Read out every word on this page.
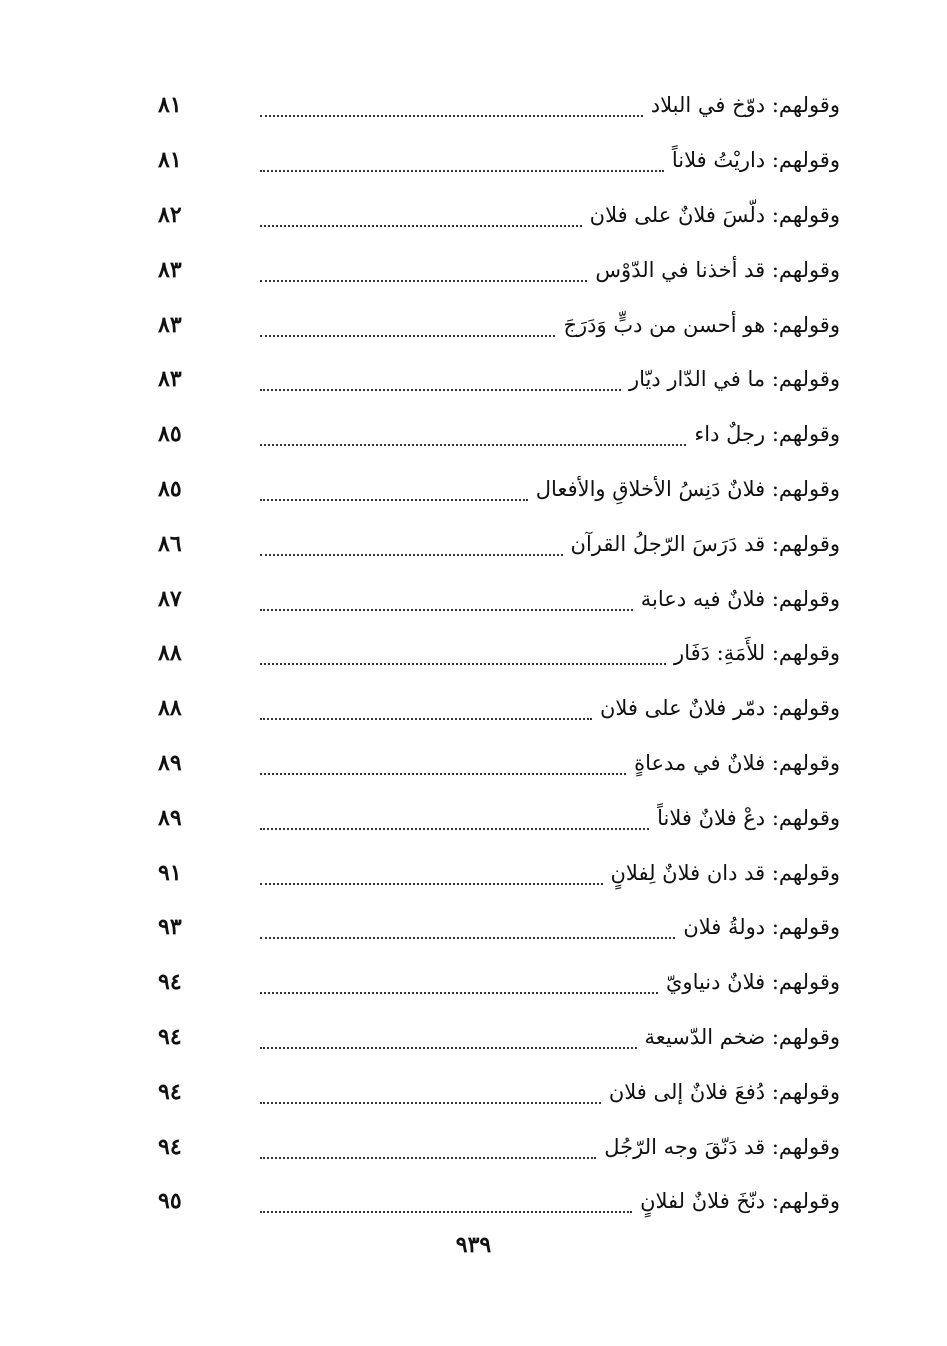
٨١	وقولهم: دوّخ في البلاد
٨١	وقولهم: داريْتُ فلاناً
٨٢	وقولهم: دلّسَ فلانٌ على فلان
٨٣	وقولهم: قد أخذنا في الدّوْس
٨٣	وقولهم: هو أحسن من دبٍّ وَدَرَجَ
٨٣	وقولهم: ما في الدّار ديّار
٨٥	وقولهم: رجلٌ داء
٨٥	وقولهم: فلانٌ دَنِسُ الأخلاقِ والأفعال
٨٦	وقولهم: قد دَرَسَ الرّجلُ القرآن
٨٧	وقولهم: فلانٌ فيه دعابة
٨٨	وقولهم: للأَمَةِ: دَفَار
٨٨	وقولهم: دمّر فلانٌ على فلان
٨٩	وقولهم: فلانٌ في مدعاةٍ
٨٩	وقولهم: دعْ فلانٌ فلاناً
٩١	وقولهم: قد دان فلانٌ لِفلانٍ
٩٣	وقولهم: دولةُ فلان
٩٤	وقولهم: فلانٌ دنياويّ
٩٤	وقولهم: ضخم الدّسيعة
٩٤	وقولهم: دُفعَ فلانٌ إلى فلان
٩٤	وقولهم: قد دَنّقَ وجه الرّجُل
٩٥	وقولهم: دنّخَ فلانٌ لفلانٍ
٩٣٩
